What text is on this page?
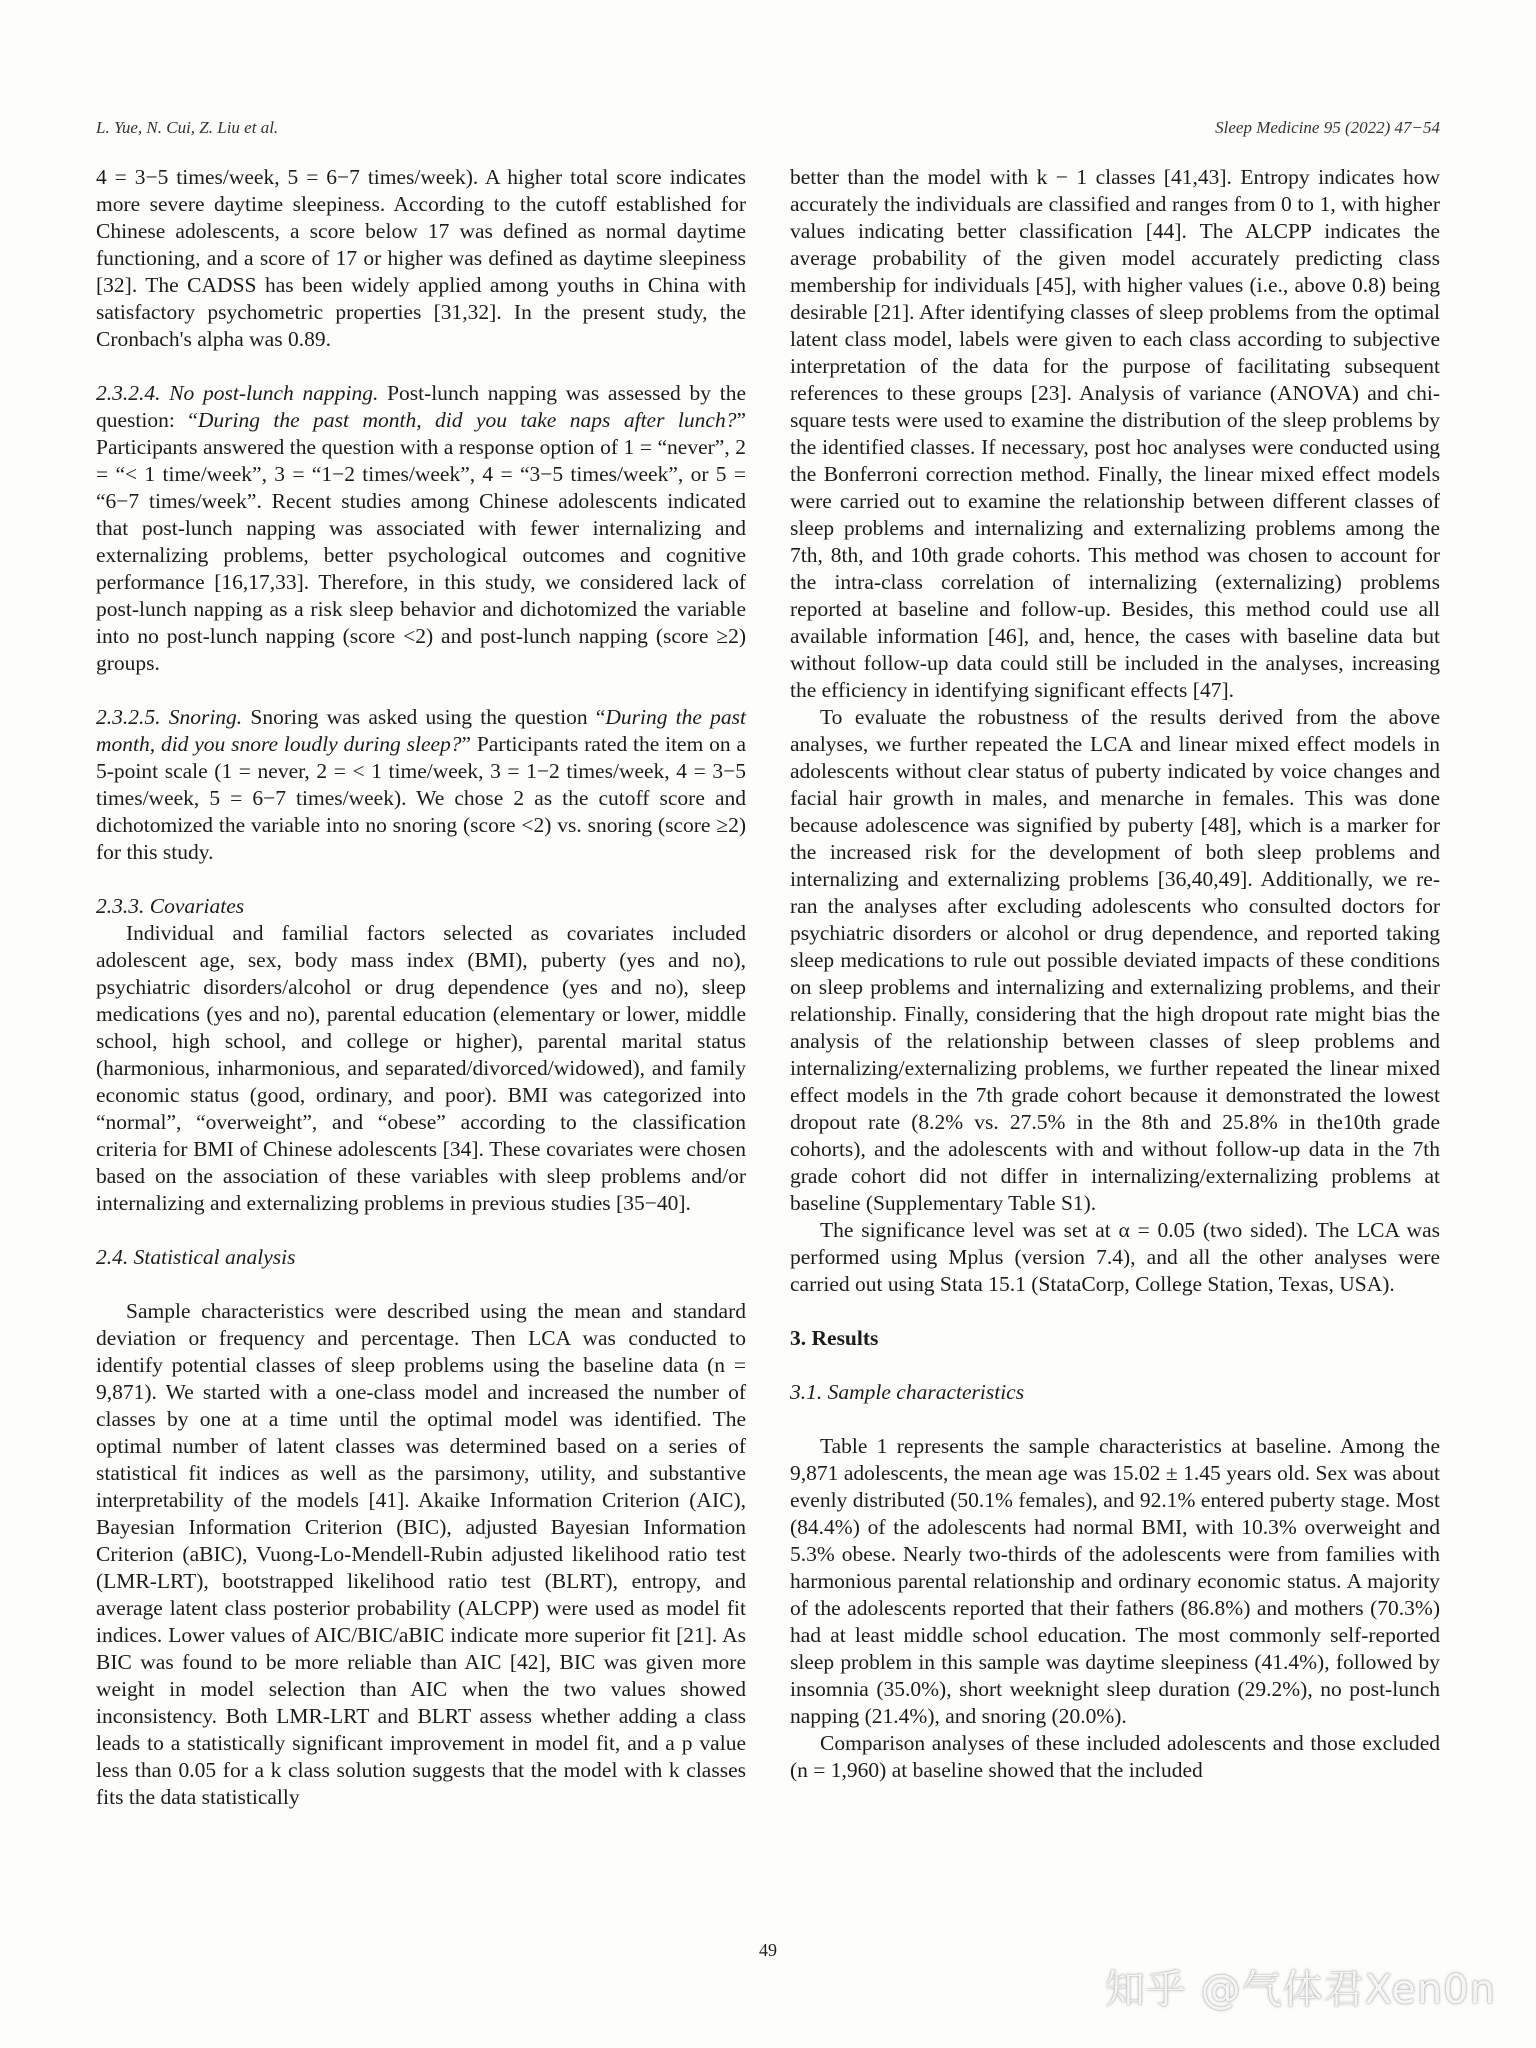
L. Yue, N. Cui, Z. Liu et al.	Sleep Medicine 95 (2022) 47−54

4 = 3−5 times/week, 5 = 6−7 times/week). A higher total score indicates more severe daytime sleepiness. According to the cutoff established for Chinese adolescents, a score below 17 was defined as normal daytime functioning, and a score of 17 or higher was defined as daytime sleepiness [32]. The CADSS has been widely applied among youths in China with satisfactory psychometric properties [31,32]. In the present study, the Cronbach's alpha was 0.89.

2.3.2.4. No post-lunch napping. Post-lunch napping was assessed by the question: “During the past month, did you take naps after lunch?” Participants answered the question with a response option of 1 = “never”, 2 = “< 1 time/week”, 3 = “1−2 times/week”, 4 = “3−5 times/week”, or 5 = “6−7 times/week”. Recent studies among Chinese adolescents indicated that post-lunch napping was associated with fewer internalizing and externalizing problems, better psychological outcomes and cognitive performance [16,17,33]. Therefore, in this study, we considered lack of post-lunch napping as a risk sleep behavior and dichotomized the variable into no post-lunch napping (score <2) and post-lunch napping (score ≥2) groups.

2.3.2.5. Snoring. Snoring was asked using the question “During the past month, did you snore loudly during sleep?” Participants rated the item on a 5-point scale (1 = never, 2 = < 1 time/week, 3 = 1−2 times/week, 4 = 3−5 times/week, 5 = 6−7 times/week). We chose 2 as the cutoff score and dichotomized the variable into no snoring (score <2) vs. snoring (score ≥2) for this study.

2.3.3. Covariates

Individual and familial factors selected as covariates included adolescent age, sex, body mass index (BMI), puberty (yes and no), psychiatric disorders/alcohol or drug dependence (yes and no), sleep medications (yes and no), parental education (elementary or lower, middle school, high school, and college or higher), parental marital status (harmonious, inharmonious, and separated/divorced/widowed), and family economic status (good, ordinary, and poor). BMI was categorized into “normal”, “overweight”, and “obese” according to the classification criteria for BMI of Chinese adolescents [34]. These covariates were chosen based on the association of these variables with sleep problems and/or internalizing and externalizing problems in previous studies [35−40].

2.4. Statistical analysis

Sample characteristics were described using the mean and standard deviation or frequency and percentage. Then LCA was conducted to identify potential classes of sleep problems using the baseline data (n = 9,871). We started with a one-class model and increased the number of classes by one at a time until the optimal model was identified. The optimal number of latent classes was determined based on a series of statistical fit indices as well as the parsimony, utility, and substantive interpretability of the models [41]. Akaike Information Criterion (AIC), Bayesian Information Criterion (BIC), adjusted Bayesian Information Criterion (aBIC), Vuong-Lo-Mendell-Rubin adjusted likelihood ratio test (LMR-LRT), bootstrapped likelihood ratio test (BLRT), entropy, and average latent class posterior probability (ALCPP) were used as model fit indices. Lower values of AIC/BIC/aBIC indicate more superior fit [21]. As BIC was found to be more reliable than AIC [42], BIC was given more weight in model selection than AIC when the two values showed inconsistency. Both LMR-LRT and BLRT assess whether adding a class leads to a statistically significant improvement in model fit, and a p value less than 0.05 for a k class solution suggests that the model with k classes fits the data statistically

better than the model with k − 1 classes [41,43]. Entropy indicates how accurately the individuals are classified and ranges from 0 to 1, with higher values indicating better classification [44]. The ALCPP indicates the average probability of the given model accurately predicting class membership for individuals [45], with higher values (i.e., above 0.8) being desirable [21]. After identifying classes of sleep problems from the optimal latent class model, labels were given to each class according to subjective interpretation of the data for the purpose of facilitating subsequent references to these groups [23]. Analysis of variance (ANOVA) and chi-square tests were used to examine the distribution of the sleep problems by the identified classes. If necessary, post hoc analyses were conducted using the Bonferroni correction method. Finally, the linear mixed effect models were carried out to examine the relationship between different classes of sleep problems and internalizing and externalizing problems among the 7th, 8th, and 10th grade cohorts. This method was chosen to account for the intra-class correlation of internalizing (externalizing) problems reported at baseline and follow-up. Besides, this method could use all available information [46], and, hence, the cases with baseline data but without follow-up data could still be included in the analyses, increasing the efficiency in identifying significant effects [47].

To evaluate the robustness of the results derived from the above analyses, we further repeated the LCA and linear mixed effect models in adolescents without clear status of puberty indicated by voice changes and facial hair growth in males, and menarche in females. This was done because adolescence was signified by puberty [48], which is a marker for the increased risk for the development of both sleep problems and internalizing and externalizing problems [36,40,49]. Additionally, we re-ran the analyses after excluding adolescents who consulted doctors for psychiatric disorders or alcohol or drug dependence, and reported taking sleep medications to rule out possible deviated impacts of these conditions on sleep problems and internalizing and externalizing problems, and their relationship. Finally, considering that the high dropout rate might bias the analysis of the relationship between classes of sleep problems and internalizing/externalizing problems, we further repeated the linear mixed effect models in the 7th grade cohort because it demonstrated the lowest dropout rate (8.2% vs. 27.5% in the 8th and 25.8% in the10th grade cohorts), and the adolescents with and without follow-up data in the 7th grade cohort did not differ in internalizing/externalizing problems at baseline (Supplementary Table S1).

The significance level was set at α = 0.05 (two sided). The LCA was performed using Mplus (version 7.4), and all the other analyses were carried out using Stata 15.1 (StataCorp, College Station, Texas, USA).

3. Results

3.1. Sample characteristics

Table 1 represents the sample characteristics at baseline. Among the 9,871 adolescents, the mean age was 15.02 ± 1.45 years old. Sex was about evenly distributed (50.1% females), and 92.1% entered puberty stage. Most (84.4%) of the adolescents had normal BMI, with 10.3% overweight and 5.3% obese. Nearly two-thirds of the adolescents were from families with harmonious parental relationship and ordinary economic status. A majority of the adolescents reported that their fathers (86.8%) and mothers (70.3%) had at least middle school education. The most commonly self-reported sleep problem in this sample was daytime sleepiness (41.4%), followed by insomnia (35.0%), short weeknight sleep duration (29.2%), no post-lunch napping (21.4%), and snoring (20.0%).

Comparison analyses of these included adolescents and those excluded (n = 1,960) at baseline showed that the included

49
知乎 @气体君Xen0n
